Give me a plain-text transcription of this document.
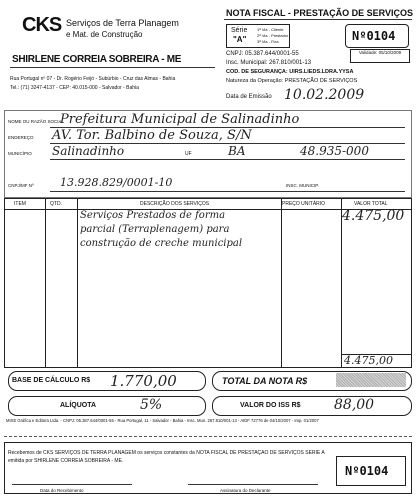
CKS Serviços de Terra Planagem
e Mat. de Construção
SHIRLENE CORREIA SOBREIRA - ME
Rua Portugal nº 07 - Dr. Rogério Feijó - Subúrbio - Cruz das Almas - Bahia
Tel.: (71) 3247-4137 - CEP: 40.015-000 - Salvador - Bahia
NOTA FISCAL - PRESTAÇÃO DE SERVIÇOS
Série
"A"
1ª Via - Cliente
2ª Via - Prestador
3ª Via - Fixa	Nº0104
CNPJ: 05.387.644/0001-55
Insc. Municipal: 267.810/001-13
Validade: 05/10/2009
COD. DE SEGURANÇA: UIRS.LIEDS.LDRA.YYSA
Natureza da Operação: PRESTAÇÃO DE SERVIÇOS
Data de Emissão 10.02.2009
NOME OU RAZÃO SOCIAL
Prefeitura Municipal de Salinadinho
ENDEREÇO AV. Tor. Balbino de Souza, S/N
MUNICÍPIO Salinadinho	UF	BA	48.935-000
CNPJ/MF Nº 13.928.829/0001-10	INSC. MUNICIP.
ITEM	QTD.	DESCRIÇÃO DOS SERVIÇOS	PREÇO UNITÁRIO	VALOR TOTAL
Serviços Prestados de forma
parcial (Terraplenagem) para
construção de creche municipal
4.475,00
4.475,00
BASE DE CÁLCULO R$ 1.770,00	TOTAL DA NOTA R$
ALÍQUOTA	5%	VALOR DO ISS R$ 88,00
MIXE Gráfica e Editora Ltda. - CNPJ: 05.387.644/0001-55 - Rua Portugal, 11 - Salvador - Bahia - Insc. Mun. 267.810/001-13 - AIDF 72776 de 04/10/2007 - Imp. 01/2007
Recebemos de CKS SERVIÇOS DE TERRA PLANAGEM os serviços constantes da NOTA FISCAL DE PRESTAÇÃO DE SERVIÇOS SÉRIE A
emitida por SHIRLENE CORREIA SOBREIRA - ME.
Data do Recebimento	Assinatura do Declarante
Nº0104
